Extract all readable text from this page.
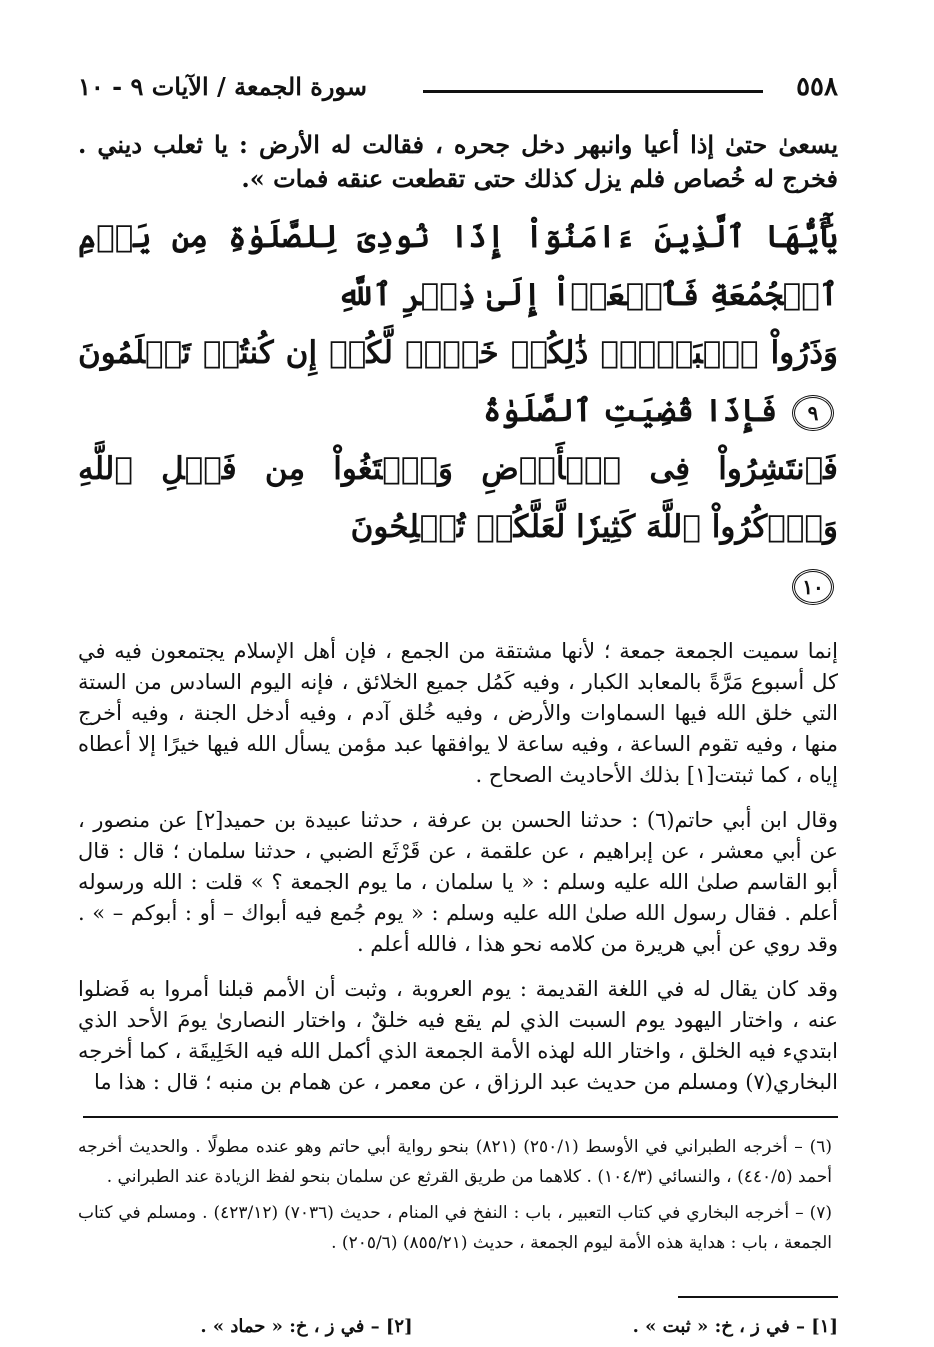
٥٥٨
سورة الجمعة / الآيات ٩ - ١٠

يسعىٰ حتىٰ إذا أعيا وانبهر دخل جحره ، فقالت له الأرض : يا ثعلب ديني . فخرج له خُصاص فلم يزل كذلك حتى تقطعت عنقه فمات ».

يَٰٓأَيُّهَا ٱلَّذِينَ ءَامَنُوٓاْ إِذَا نُودِىَ لِلصَّلَوٰةِ مِن يَوۡمِ ٱلۡجُمُعَةِ فَٱسۡعَوۡاْ إِلَىٰ ذِكۡرِ ٱللَّهِ
وَذَرُواْ ٱلۡبَيۡعَۚ ذَٰلِكُمۡ خَيۡرٞ لَّكُمۡ إِن كُنتُمۡ تَعۡلَمُونَ ٩ فَإِذَا قُضِيَتِ ٱلصَّلَوٰةُ
فَٱنتَشِرُواْ فِى ٱلۡأَرۡضِ وَٱبۡتَغُواْ مِن فَضۡلِ ٱللَّهِ وَٱذۡكُرُواْ ٱللَّهَ كَثِيرٗا لَّعَلَّكُمۡ تُفۡلِحُونَ
١٠

إنما سميت الجمعة جمعة ؛ لأنها مشتقة من الجمع ، فإن أهل الإسلام يجتمعون فيه في كل أسبوع مَرَّةً بالمعابد الكبار ، وفيه كَمُل جميع الخلائق ، فإنه اليوم السادس من الستة التي خلق الله فيها السماوات والأرض ، وفيه خُلق آدم ، وفيه أدخل الجنة ، وفيه أخرج منها ، وفيه تقوم الساعة ، وفيه ساعة لا يوافقها عبد مؤمن يسأل الله فيها خيرًا إلا أعطاه إياه ، كما ثبتت[١] بذلك الأحاديث الصحاح .

وقال ابن أبي حاتم(٦) : حدثنا الحسن بن عرفة ، حدثنا عبيدة بن حميد[٢] عن منصور ، عن أبي معشر ، عن إبراهيم ، عن علقمة ، عن قَرْثَع الضبي ، حدثنا سلمان ؛ قال : قال أبو القاسم صلىٰ الله عليه وسلم : « يا سلمان ، ما يوم الجمعة ؟ » قلت : الله ورسوله أعلم . فقال رسول الله صلىٰ الله عليه وسلم : « يوم جُمع فيه أبواك – أو : أبوكم – » . وقد روي عن أبي هريرة من كلامه نحو هذا ، فالله أعلم .

وقد كان يقال له في اللغة القديمة : يوم العروبة ، وثبت أن الأمم قبلنا أمروا به فَضلوا عنه ، واختار اليهود يوم السبت الذي لم يقع فيه خلقٌ ، واختار النصارىٰ يومَ الأحد الذي ابتديء فيه الخلق ، واختار الله لهذه الأمة الجمعة الذي أكمل الله فيه الخَلِيقَة ، كما أخرجه البخاري(٧) ومسلم من حديث عبد الرزاق ، عن معمر ، عن همام بن منبه ؛ قال : هذا ما

(٦) – أخرجه الطبراني في الأوسط (٢٥٠/١) (٨٢١) بنحو رواية أبي حاتم وهو عنده مطولًا . والحديث أخرجه أحمد (٤٤٠/٥) ، والنسائي (١٠٤/٣) . كلاهما من طريق القرثع عن سلمان بنحو لفظ الزيادة عند الطبراني .

(٧) – أخرجه البخاري في كتاب التعبير ، باب : النفخ في المنام ، حديث (٧٠٣٦) (٤٢٣/١٢) . ومسلم في كتاب الجمعة ، باب : هداية هذه الأمة ليوم الجمعة ، حديث (٨٥٥/٢١) (٢٠٥/٦) .

[١] – في ز ، خ: « ثبت » .
[٢] – في ز ، خ: « حماد » .
